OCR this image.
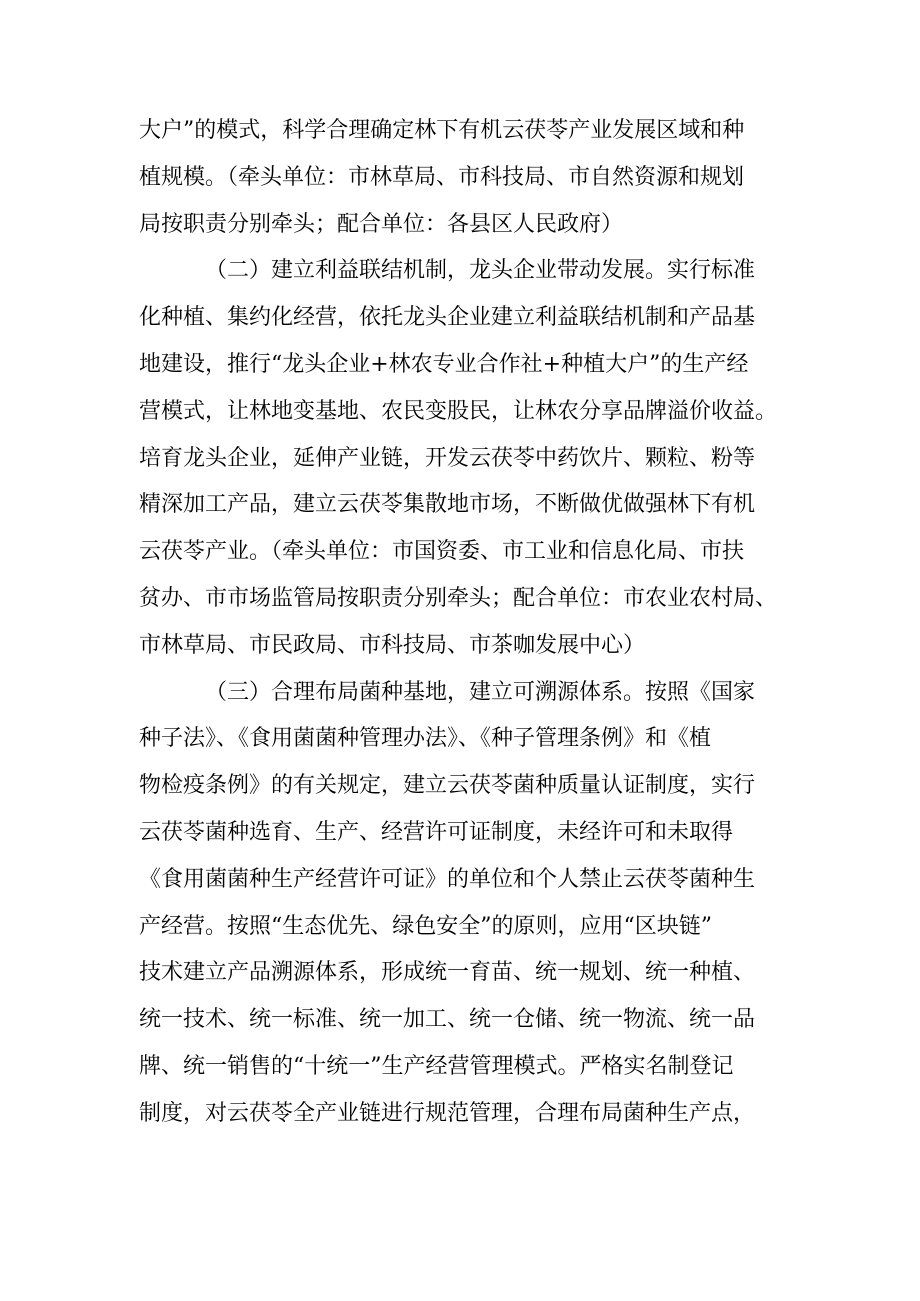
大户”的模式，科学合理确定林下有机云茯苓产业发展区域和种
植规模。（牵头单位：市林草局、市科技局、市自然资源和规划
局按职责分别牵头；配合单位：各县区人民政府）
（二）建立利益联结机制，龙头企业带动发展。实行标准
化种植、集约化经营，依托龙头企业建立利益联结机制和产品基
地建设，推行“龙头企业+林农专业合作社+种植大户”的生产经
营模式，让林地变基地、农民变股民，让林农分享品牌溢价收益。
培育龙头企业，延伸产业链，开发云茯苓中药饮片、颗粒、粉等
精深加工产品，建立云茯苓集散地市场，不断做优做强林下有机
云茯苓产业。（牵头单位：市国资委、市工业和信息化局、市扶
贫办、市市场监管局按职责分别牵头；配合单位：市农业农村局、
市林草局、市民政局、市科技局、市茶咖发展中心）
（三）合理布局菌种基地，建立可溯源体系。按照《国家
种子法》、《食用菌菌种管理办法》、《种子管理条例》和《植
物检疫条例》的有关规定，建立云茯苓菌种质量认证制度，实行
云茯苓菌种选育、生产、经营许可证制度，未经许可和未取得
《食用菌菌种生产经营许可证》的单位和个人禁止云茯苓菌种生
产经营。按照“生态优先、绿色安全”的原则，应用“区块链”
技术建立产品溯源体系，形成统一育苗、统一规划、统一种植、
统一技术、统一标准、统一加工、统一仓储、统一物流、统一品
牌、统一销售的“十统一”生产经营管理模式。严格实名制登记
制度，对云茯苓全产业链进行规范管理，合理布局菌种生产点，
